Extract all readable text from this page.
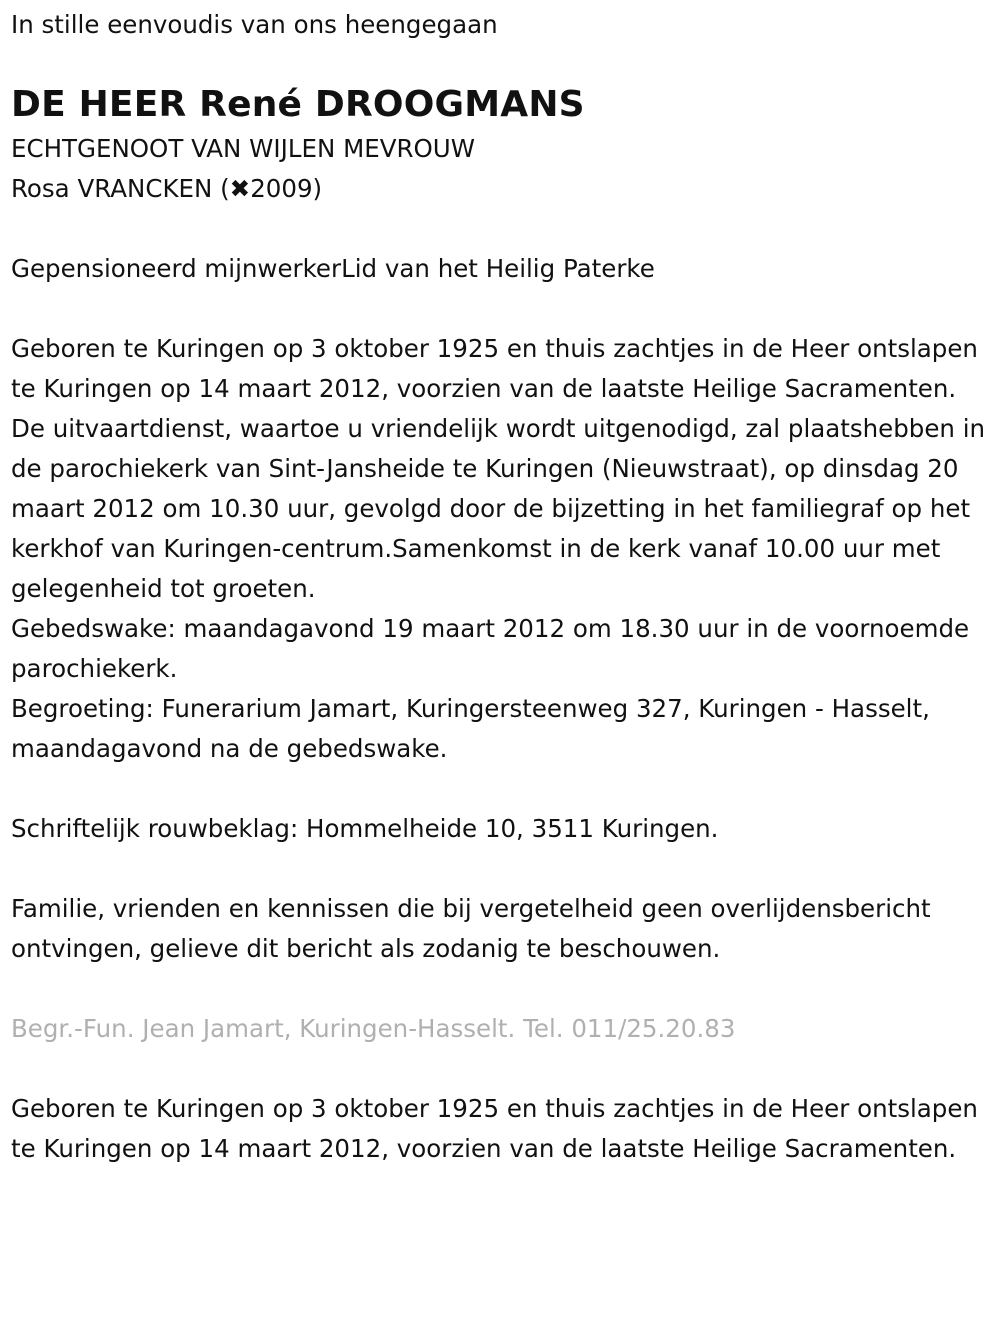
In stille eenvoudis van ons heengegaan

DE HEER René DROOGMANS

ECHTGENOOT VAN WIJLEN MEVROUW

Rosa VRANCKEN (✖2009)

Gepensioneerd mijnwerkerLid van het Heilig Paterke

Geboren te Kuringen op 3 oktober 1925 en thuis zachtjes in de Heer ontslapen te Kuringen op 14 maart 2012, voorzien van de laatste Heilige Sacramenten.

De uitvaartdienst, waartoe u vriendelijk wordt uitgenodigd, zal plaatshebben in de parochiekerk van Sint-Jansheide te Kuringen (Nieuwstraat), op dinsdag 20 maart 2012 om 10.30 uur, gevolgd door de bijzetting in het familiegraf op het kerkhof van Kuringen-centrum.Samenkomst in de kerk vanaf 10.00 uur met gelegenheid tot groeten.

Gebedswake: maandagavond 19 maart 2012 om 18.30 uur in de voornoemde parochiekerk.

Begroeting: Funerarium Jamart, Kuringersteenweg 327, Kuringen - Hasselt, maandagavond na de gebedswake.

Schriftelijk rouwbeklag: Hommelheide 10, 3511 Kuringen.

Familie, vrienden en kennissen die bij vergetelheid geen overlijdensbericht ontvingen, gelieve dit bericht als zodanig te beschouwen.

Begr.-Fun. Jean Jamart, Kuringen-Hasselt. Tel. 011/25.20.83

Geboren te Kuringen op 3 oktober 1925 en thuis zachtjes in de Heer ontslapen te Kuringen op 14 maart 2012, voorzien van de laatste Heilige Sacramenten.
